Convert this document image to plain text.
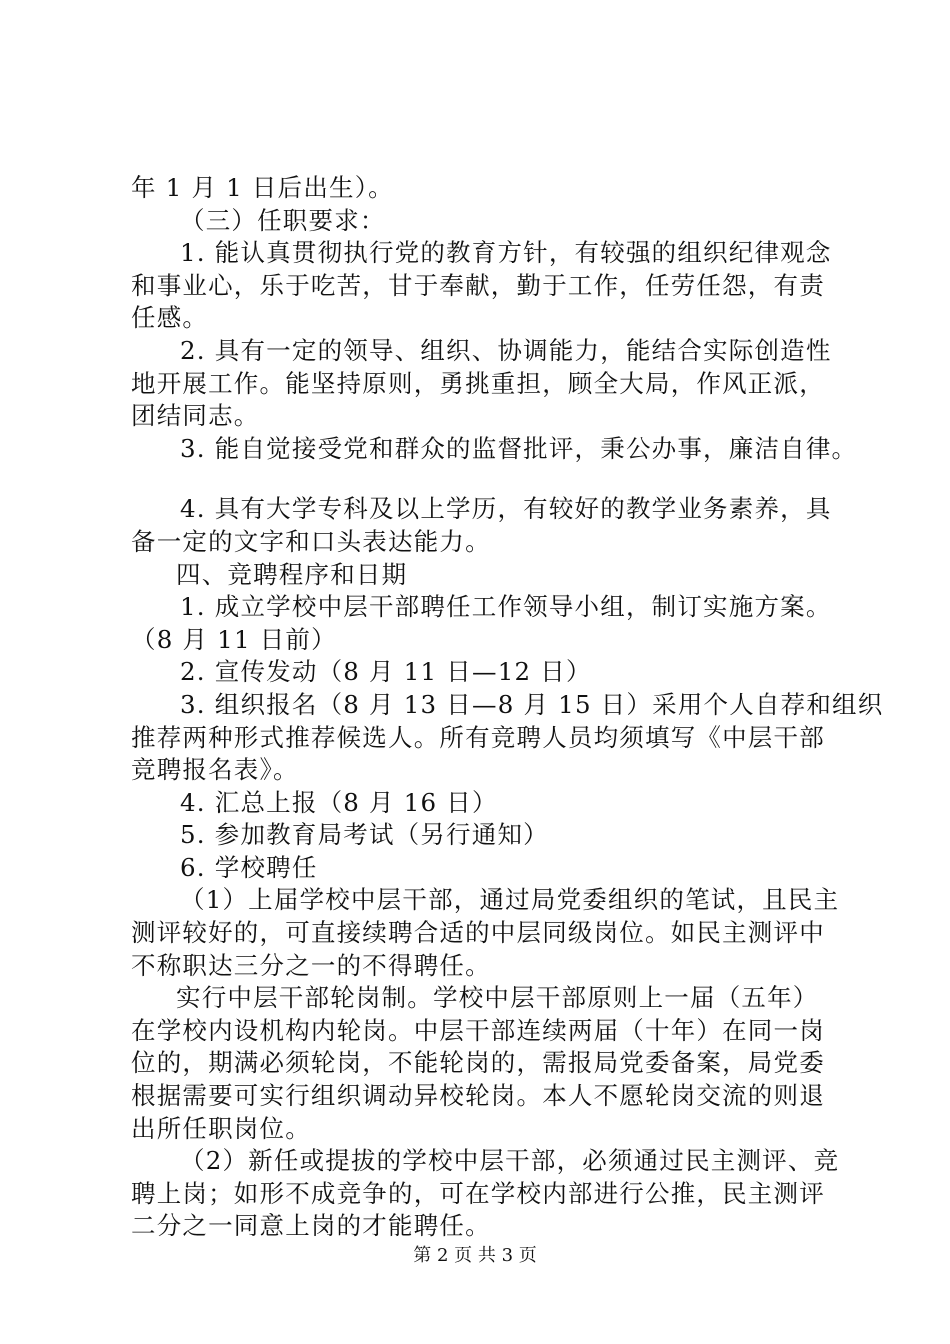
年 1 月 1 日后出生）。

（三）任职要求：

1. 能认真贯彻执行党的教育方针，有较强的组织纪律观念

和事业心，乐于吃苦，甘于奉献，勤于工作，任劳任怨，有责

任感。

2. 具有一定的领导、组织、协调能力，能结合实际创造性

地开展工作。能坚持原则，勇挑重担，顾全大局，作风正派，

团结同志。

3. 能自觉接受党和群众的监督批评，秉公办事，廉洁自律。

4. 具有大学专科及以上学历，有较好的教学业务素养，具

备一定的文字和口头表达能力。

四、竞聘程序和日期

1. 成立学校中层干部聘任工作领导小组，制订实施方案。

（8 月 11 日前）

2. 宣传发动（8 月 11 日—12 日）

3. 组织报名（8 月 13 日—8 月 15 日）采用个人自荐和组织

推荐两种形式推荐候选人。所有竞聘人员均须填写《中层干部

竞聘报名表》。

4. 汇总上报（8 月 16 日）

5. 参加教育局考试（另行通知）

6. 学校聘任

（1）上届学校中层干部，通过局党委组织的笔试，且民主

测评较好的，可直接续聘合适的中层同级岗位。如民主测评中

不称职达三分之一的不得聘任。

实行中层干部轮岗制。学校中层干部原则上一届（五年）

在学校内设机构内轮岗。中层干部连续两届（十年）在同一岗

位的，期满必须轮岗，不能轮岗的，需报局党委备案，局党委

根据需要可实行组织调动异校轮岗。本人不愿轮岗交流的则退

出所任职岗位。

（2）新任或提拔的学校中层干部，必须通过民主测评、竞

聘上岗；如形不成竞争的，可在学校内部进行公推，民主测评

二分之一同意上岗的才能聘任。

第 2 页 共 3 页
